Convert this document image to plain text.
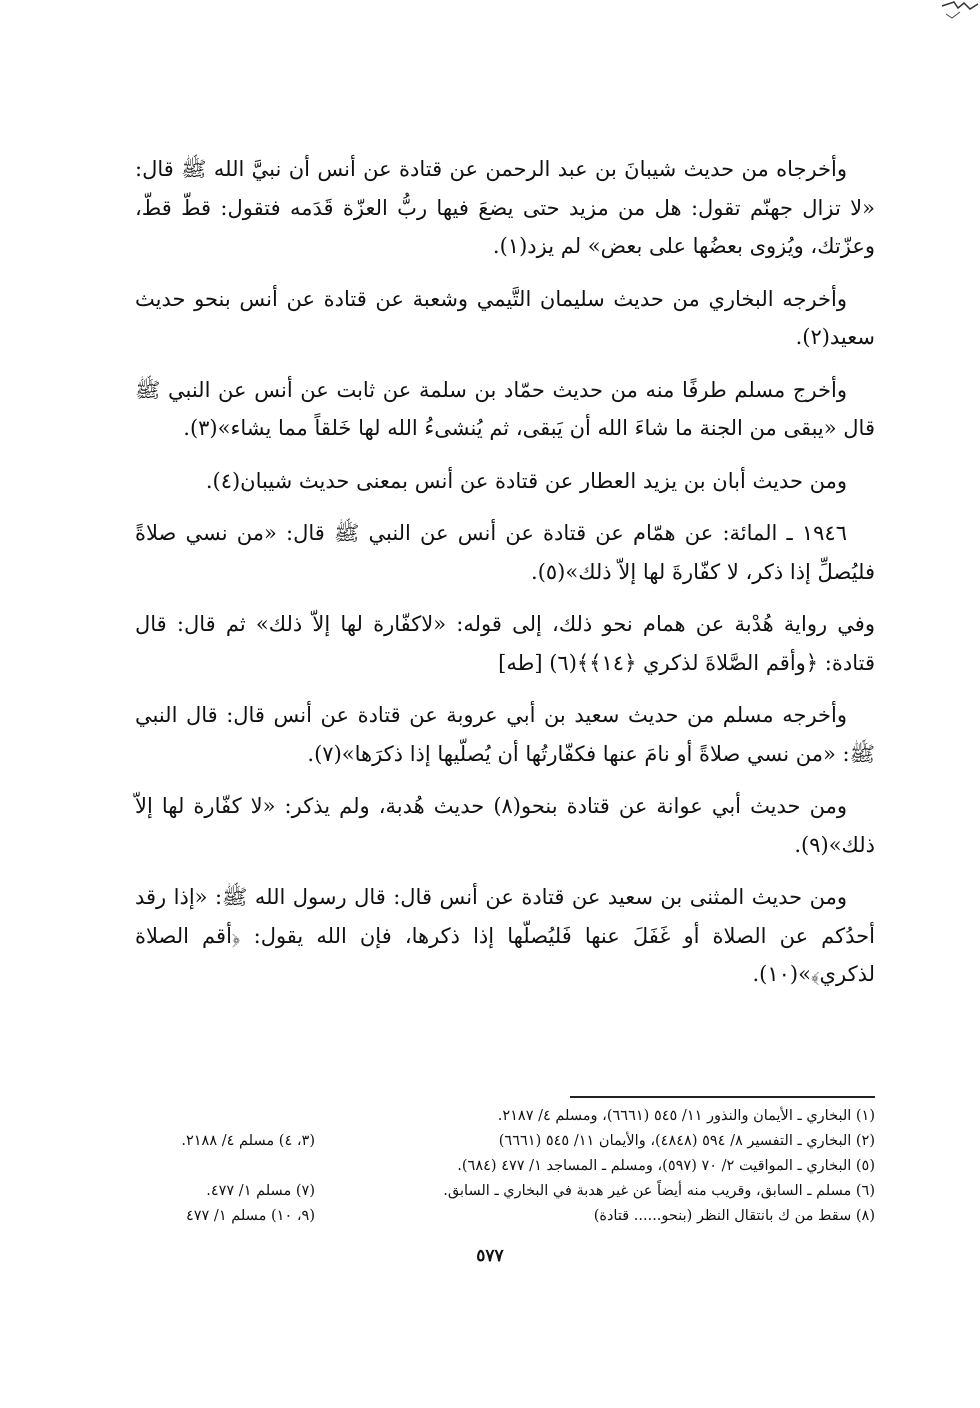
وأخرجاه من حديث شيبانَ بن عبد الرحمن عن قتادة عن أنس أن نبيَّ الله ﷺ قال: «لا تزال جهنّم تقول: هل من مزيد حتى يضعَ فيها ربُّ العزّة قَدَمه فتقول: قطّ قطّ، وعزّتك، ويُزوى بعضُها على بعض» لم يزد(١).

وأخرجه البخاري من حديث سليمان التَّيمي وشعبة عن قتادة عن أنس بنحو حديث سعيد(٢).

وأخرج مسلم طرفًا منه من حديث حمّاد بن سلمة عن ثابت عن أنس عن النبي ﷺ قال «يبقى من الجنة ما شاءَ الله أن يَبقى، ثم يُنشىءُ الله لها خَلقاً مما يشاء»(٣).

ومن حديث أبان بن يزيد العطار عن قتادة عن أنس بمعنى حديث شيبان(٤).

١٩٤٦ ـ المائة: عن همّام عن قتادة عن أنس عن النبي ﷺ قال: «من نسي صلاةً فليُصلِّ إذا ذكر، لا كفّارةَ لها إلاّ ذلك»(٥).

وفي رواية هُدْبة عن همام نحو ذلك، إلى قوله: «لاكفّارة لها إلاّ ذلك» ثم قال: قال قتادة: ﴿وأقم الصَّلاةَ لذكري ﴿١٤﴾﴾(٦) [طه]

وأخرجه مسلم من حديث سعيد بن أبي عروبة عن قتادة عن أنس قال: قال النبي ﷺ: «من نسي صلاةً أو نامَ عنها فكفّارتُها أن يُصلّيها إذا ذكرَها»(٧).

ومن حديث أبي عوانة عن قتادة بنحو(٨) حديث هُدبة، ولم يذكر: «لا كفّارة لها إلاّ ذلك»(٩).

ومن حديث المثنى بن سعيد عن قتادة عن أنس قال: قال رسول الله ﷺ: «إذا رقد أحدُكم عن الصلاة أو غَفَلَ عنها فَليُصلّها إذا ذكرها، فإن الله يقول: ﴿أقم الصلاة لذكري﴾»(١٠).

(١) البخاري ـ الأيمان والنذور ١١/ ٥٤٥ (٦٦٦١)، ومسلم ٤/ ٢١٨٧.
(٢) البخاري ـ التفسير ٨/ ٥٩٤ (٤٨٤٨)، والأيمان ١١/ ٥٤٥ (٦٦٦١)
(٥) البخاري ـ المواقيت ٢/ ٧٠ (٥٩٧)، ومسلم ـ المساجد ١/ ٤٧٧ (٦٨٤).
(٦) مسلم ـ السابق، وقريب منه أيضاً عن غير هدبة في البخاري ـ السابق.
(٨) سقط من ك بانتقال النظر (بنحو...... قتادة)
(٣، ٤) مسلم ٤/ ٢١٨٨.
(٧) مسلم ١/ ٤٧٧.
(٩، ١٠) مسلم ١/ ٤٧٧
٥٧٧
